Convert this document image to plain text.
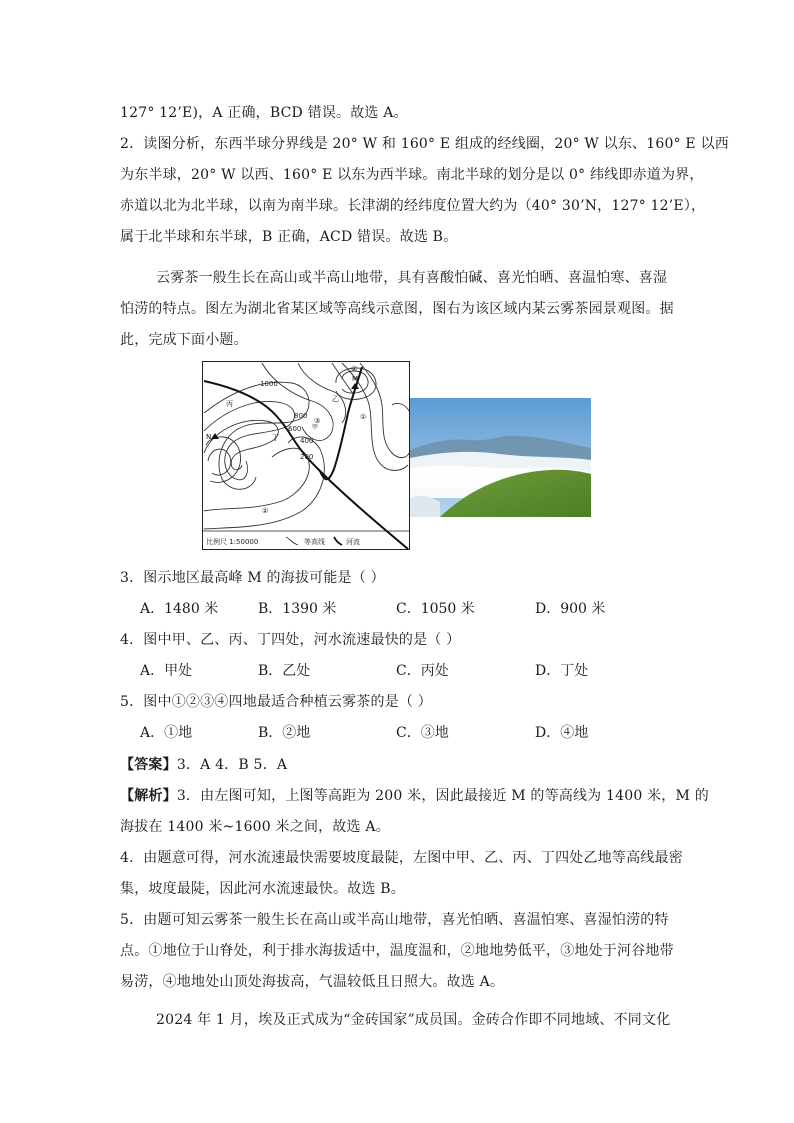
127° 12’E)，A 正确，BCD 错误。故选 A。
2．读图分析，东西半球分界线是 20° W 和 160° E 组成的经线圈，20° W 以东、160° E 以西
为东半球，20° W 以西、160° E 以东为西半球。南北半球的划分是以 0° 纬线即赤道为界，
赤道以北为北半球，以南为南半球。长津湖的经纬度位置大约为（40° 30’N，127° 12’E），
属于北半球和东半球，B 正确，ACD 错误。故选 B。
云雾茶一般生长在高山或半高山地带，具有喜酸怕碱、喜光怕晒、喜温怕寒、喜湿
怕涝的特点。图左为湖北省某区域等高线示意图，图右为该区域内某云雾茶园景观图。据
此，完成下面小题。
1000
800
600
400
200
M
N
甲
乙
丙
丁
①
②
③
④
比例尺 1:50000	等高线	河流
3．图示地区最高峰 M 的海拔可能是（ ）
A．1480 米	B．1390 米	C．1050 米	D．900 米
4．图中甲、乙、丙、丁四处，河水流速最快的是（ ）
A．甲处	B．乙处	C．丙处	D．丁处
5．图中①②③④四地最适合种植云雾茶的是（ ）
A．①地	B．②地	C．③地	D．④地
【答案】3．A 4．B 5．A
【解析】3．由左图可知，上图等高距为 200 米，因此最接近 M 的等高线为 1400 米，M 的
海拔在 1400 米~1600 米之间，故选 A。
4．由题意可得，河水流速最快需要坡度最陡，左图中甲、乙、丙、丁四处乙地等高线最密
集，坡度最陡，因此河水流速最快。故选 B。
5．由题可知云雾茶一般生长在高山或半高山地带，喜光怕晒、喜温怕寒、喜湿怕涝的特
点。①地位于山脊处，利于排水海拔适中，温度温和，②地地势低平，③地处于河谷地带
易涝，④地地处山顶处海拔高，气温较低且日照大。故选 A。
2024 年 1 月，埃及正式成为“金砖国家”成员国。金砖合作即不同地域、不同文化
